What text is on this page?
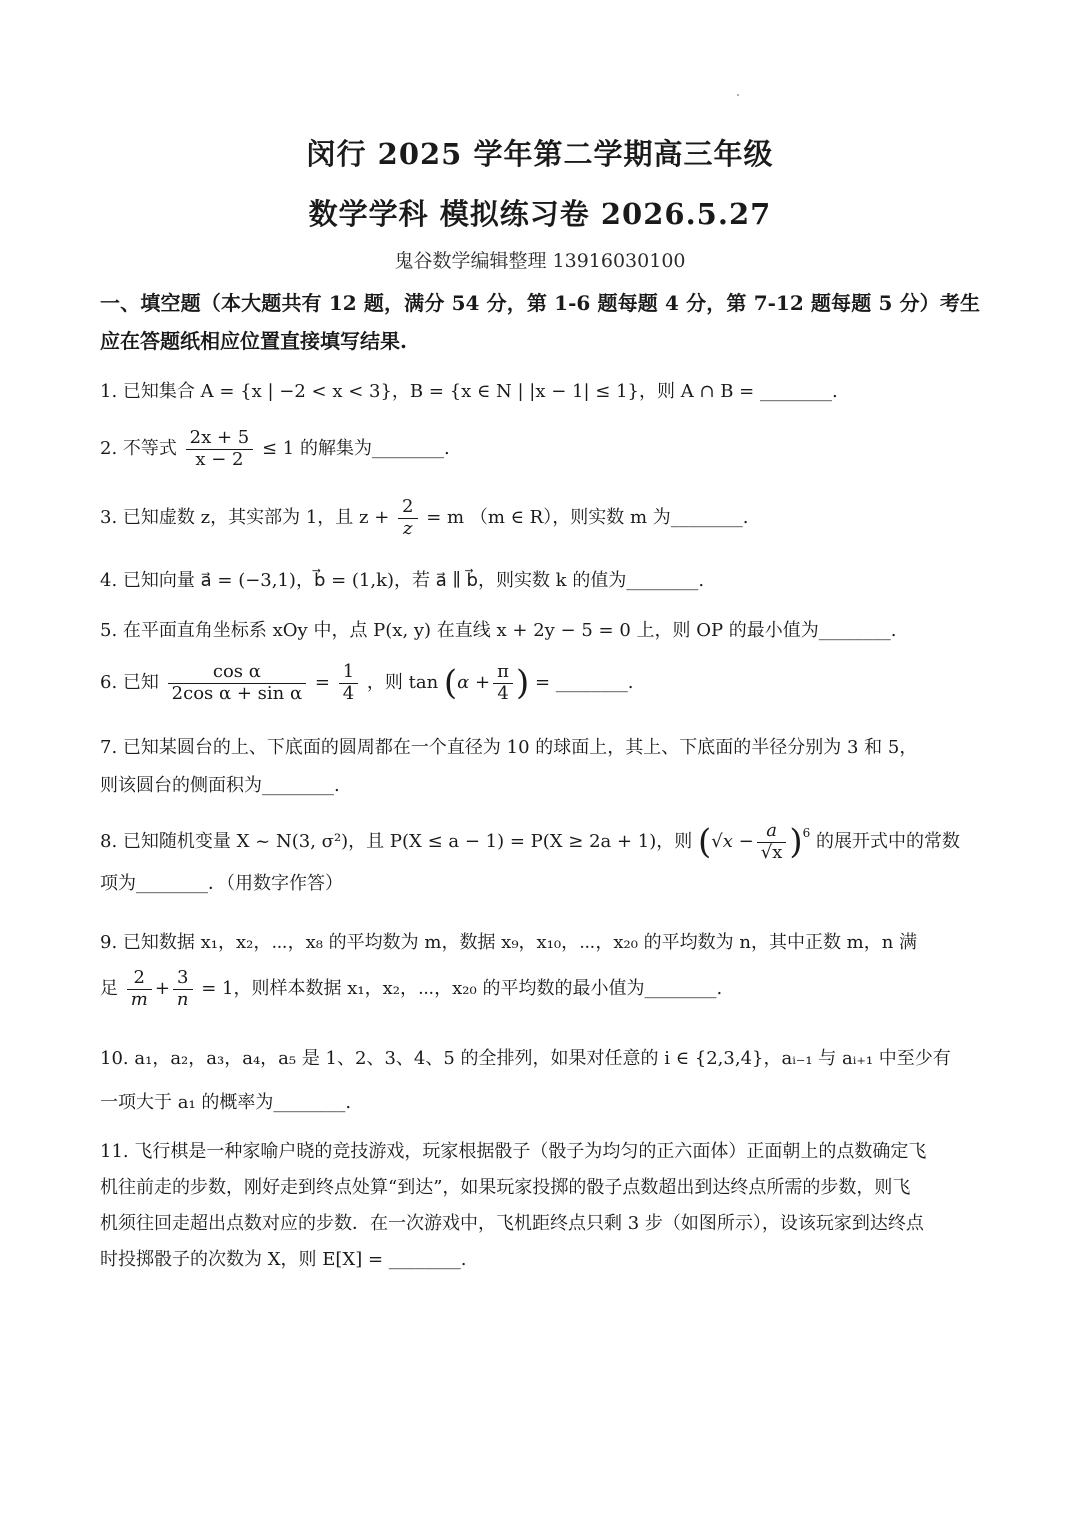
闵行 2025 学年第二学期高三年级
数学学科 模拟练习卷 2026.5.27
鬼谷数学编辑整理 13916030100
一、填空题（本大题共有 12 题，满分 54 分，第 1-6 题每题 4 分，第 7-12 题每题 5 分）考生应在答题纸相应位置直接填写结果.
1. 已知集合 A = {x | −2 < x < 3}，B = {x ∈ N | |x − 1| ≤ 1}，则 A ∩ B = ________.
2. 不等式 $\frac{2x + 5}{x - 2} \le 1$ 的解集为________.
3. 已知虚数 z，其实部为 1，且 $z + \frac{2}{z} = m$ （m ∈ R），则实数 m 为________.
4. 已知向量 a⃗ = (−3,1)，b⃗ = (1,k)，若 a⃗ ∥ b⃗，则实数 k 的值为________.
5. 在平面直角坐标系 xOy 中，点 P(x, y) 在直线 x + 2y − 5 = 0 上，则 OP 的最小值为________.
6. 已知 $\frac{\text{cos α}}{\text{2cos α + sin α}} = \frac{1}{4}$ ，则 $\tan (\alpha + \frac{\pi}{4}$ ) = ________.
7. 已知某圆台的上、下底面的圆周都在一个直径为 10 的球面上，其上、下底面的半径分别为 3 和 5，
则该圆台的侧面积为________.
8. 已知随机变量 X ~ N(3, σ²)，且 P(X ≤ a − 1) = P(X ≥ 2a + 1)，则 $(√x - \frac{a}{√x} )^6$ 的展开式中的常数
项为________．（用数字作答）
9. 已知数据 x₁，x₂，⋯，x₈ 的平均数为 m，数据 x₉，x₁₀，⋯，x₂₀ 的平均数为 n，其中正数 m，n 满
足 $\frac{2}{m} + \frac{3}{n} = 1$，则样本数据 x₁，x₂，⋯，x₂₀ 的平均数的最小值为________.
10. a₁，a₂，a₃，a₄，a₅ 是 1、2、3、4、5 的全排列，如果对任意的 i ∈ {2,3,4}，aᵢ₋₁ 与 aᵢ₊₁ 中至少有
一项大于 a₁ 的概率为________.
11. 飞行棋是一种家喻户晓的竞技游戏，玩家根据骰子（骰子为均匀的正六面体）正面朝上的点数确定飞
机往前走的步数，刚好走到终点处算“到达”，如果玩家投掷的骰子点数超出到达终点所需的步数，则飞
机须往回走超出点数对应的步数．在一次游戏中，飞机距终点只剩 3 步（如图所示），设该玩家到达终点
时投掷骰子的次数为 X，则 E[X] = ________.
